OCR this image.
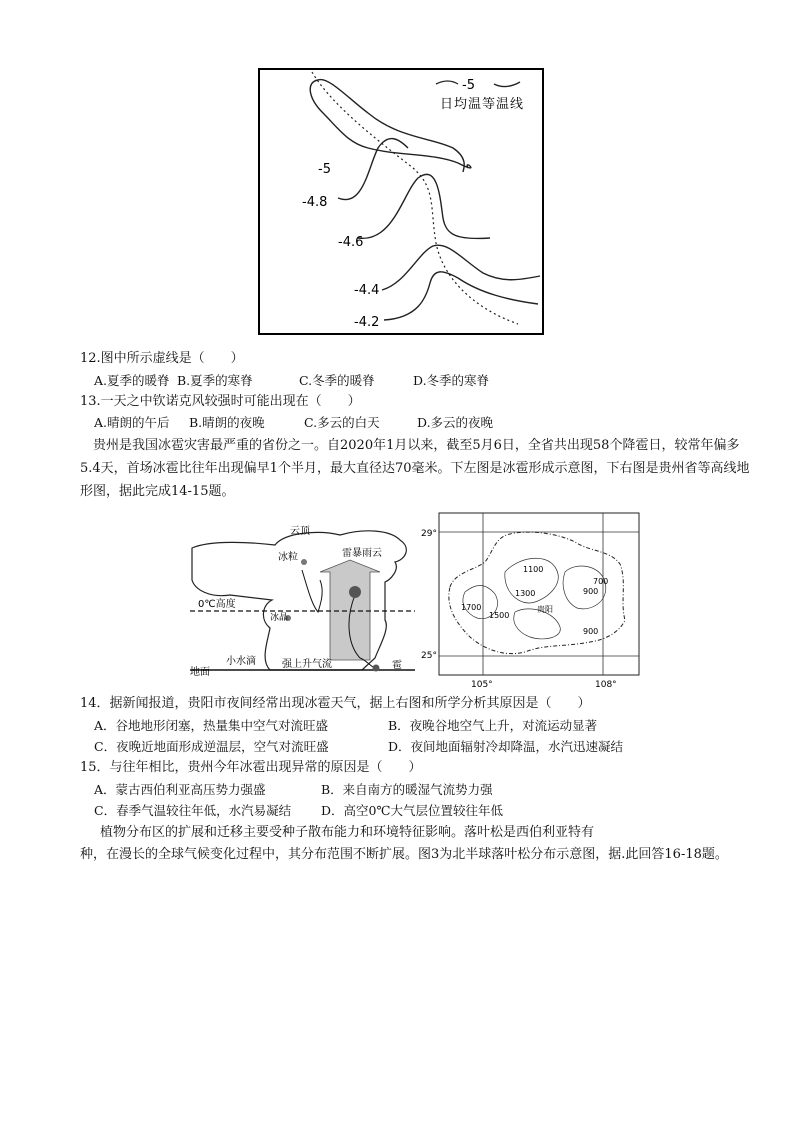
-5
日均温等温线
-5
-4.8
-4.6
-4.4
-4.2
12.图中所示虚线是（　　）
A.夏季的暖脊 B.夏季的寒脊	C.冬季的暖脊	D.冬季的寒脊
13.一天之中钦诺克风较强时可能出现在（　　）
A.晴朗的午后 B.晴朗的夜晚	C.多云的白天	D.多云的夜晚
贵州是我国冰雹灾害最严重的省份之一。自2020年1月以来，截至5月6日，全省共出现58个降雹日，较常年偏多5.4天，首场冰雹比往年出现偏早1个半月，最大直径达70毫米。下左图是冰雹形成示意图，下右图是贵州省等高线地形图，据此完成14-15题。
云顶
冰粒	雷暴雨云
0℃高度
冰晶
地面
小水滴	强上升气流	雹
29°
25°
105°	108°
1100
700
900
1300
1700
1500
贵阳
900
14．据新闻报道，贵阳市夜间经常出现冰雹天气，据上右图和所学分析其原因是（　　）
A．谷地地形闭塞，热量集中空气对流旺盛	B．夜晚谷地空气上升，对流运动显著
C．夜晚近地面形成逆温层，空气对流旺盛	D．夜间地面辐射冷却降温，水汽迅速凝结
15．与往年相比，贵州今年冰雹出现异常的原因是（　　）
A．蒙古西伯利亚高压势力强盛	B．来自南方的暖湿气流势力强
C．春季气温较往年低，水汽易凝结 D．高空0℃大气层位置较往年低
植物分布区的扩展和迁移主要受种子散布能力和环境特征影响。落叶松是西伯利亚特有
种，在漫长的全球气候变化过程中，其分布范围不断扩展。图3为北半球落叶松分布示意图，据.此回答16-18题。
